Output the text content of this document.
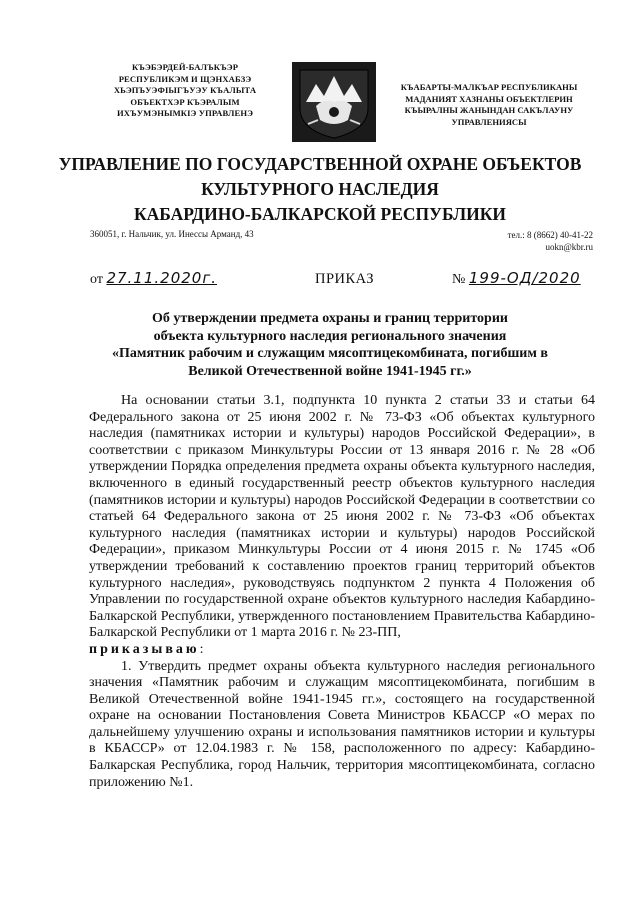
КЪЭБЭРДЕЙ-БАЛЪКЪЭР
РЕСПУБЛИКЭМ И ЩЭНХАБЗЭ
ХЬЭПЪУЭФІЫГЪУЭУ КЪАЛЫТА
ОБЪЕКТХЭР КЪЭРАЛЫМ
ИХЪУМЭНЫМКІЭ УПРАВЛЕНЭ
КЪАБАРТЫ-МАЛКЪАР РЕСПУБЛИКАНЫ
МАДАНИЯТ ХАЗНАНЫ ОБЪЕКТЛЕРИН
КЪЫРАЛНЫ ЖАНЫНДАН САКЪЛАУНУ
УПРАВЛЕНИЯСЫ
УПРАВЛЕНИЕ ПО ГОСУДАРСТВЕННОЙ ОХРАНЕ ОБЪЕКТОВ
КУЛЬТУРНОГО НАСЛЕДИЯ
КАБАРДИНО-БАЛКАРСКОЙ РЕСПУБЛИКИ
360051, г. Нальчик, ул. Инессы Арманд, 43	тел.: 8 (8662) 40-41-22
uokn@kbr.ru
от 27.11.2020г.	ПРИКАЗ	№ 199-ОД/2020
Об утверждении предмета охраны и границ территории
объекта культурного наследия регионального значения
«Памятник рабочим и служащим мясоптицекомбината, погибшим в
Великой Отечественной войне 1941-1945 гг.»

На основании статьи 3.1, подпункта 10 пункта 2 статьи 33 и статьи 64 Федерального закона от 25 июня 2002 г. № 73-ФЗ «Об объектах культурного наследия (памятниках истории и культуры) народов Российской Федерации», в соответствии с приказом Минкультуры России от 13 января 2016 г. № 28 «Об утверждении Порядка определения предмета охраны объекта культурного наследия, включенного в единый государственный реестр объектов культурного наследия (памятников истории и культуры) народов Российской Федерации в соответствии со статьей 64 Федерального закона от 25 июня 2002 г. № 73-ФЗ «Об объектах культурного наследия (памятниках истории и культуры) народов Российской Федерации», приказом Минкультуры России от 4 июня 2015 г. № 1745 «Об утверждении требований к составлению проектов границ территорий объектов культурного наследия», руководствуясь подпунктом 2 пункта 4 Положения об Управлении по государственной охране объектов культурного наследия Кабардино-Балкарской Республики, утвержденного постановлением Правительства Кабардино-Балкарской Республики от 1 марта 2016 г. № 23-ПП,

приказываю:

1. Утвердить предмет охраны объекта культурного наследия регионального значения «Памятник рабочим и служащим мясоптицекомбината, погибшим в Великой Отечественной войне 1941-1945 гг.», состоящего на государственной охране на основании Постановления Совета Министров КБАССР «О мерах по дальнейшему улучшению охраны и использования памятников истории и культуры в КБАССР» от 12.04.1983 г. № 158, расположенного по адресу: Кабардино-Балкарская Республика, город Нальчик, территория мясоптицекомбината, согласно приложению №1.
